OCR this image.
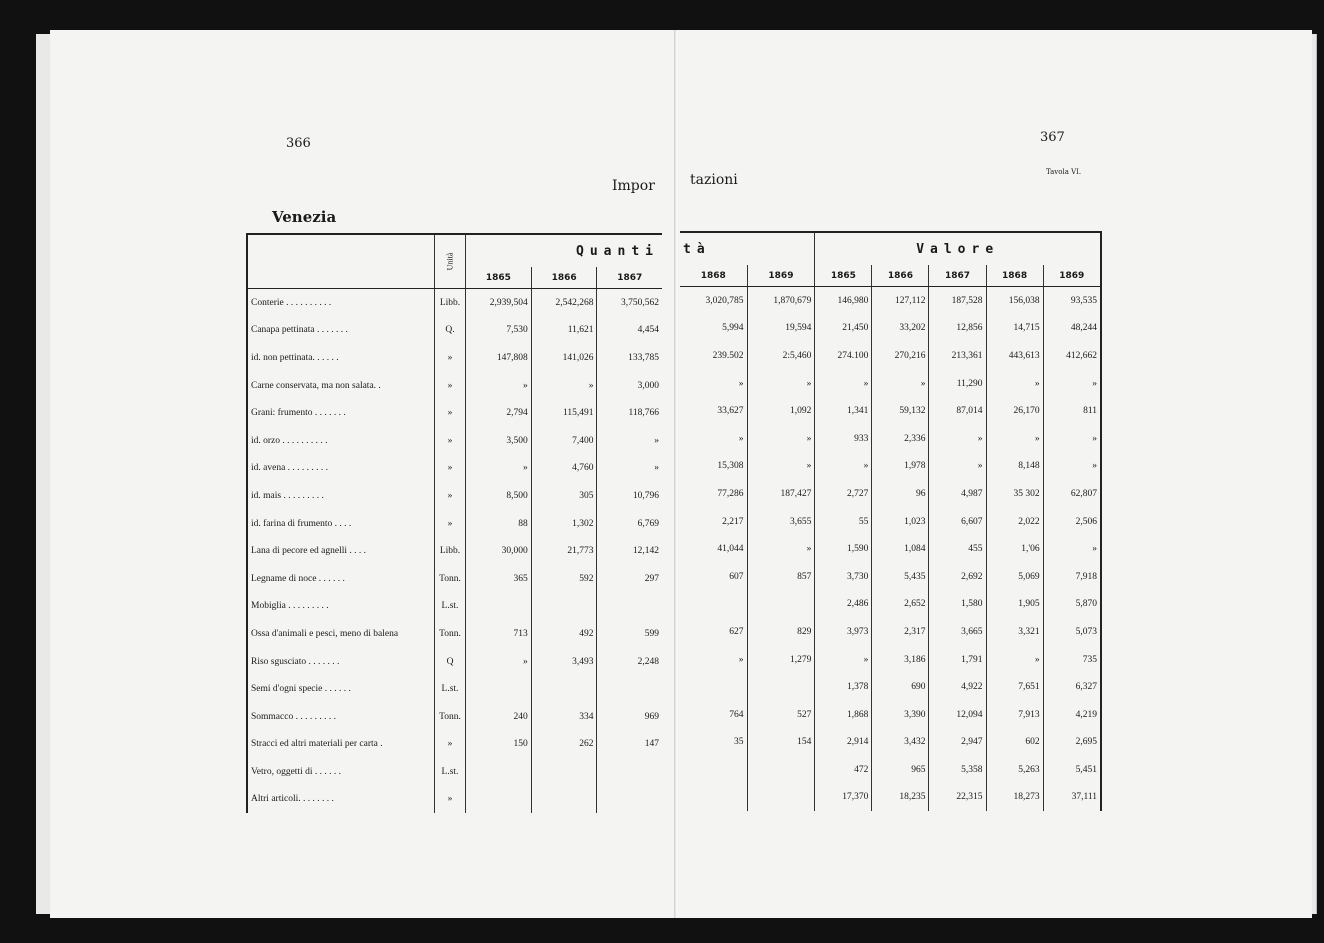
366
Impor
Venezia
	Unità	Quanti		
		1865	1866	1867
Conterie . . . . . . . . . .	Libb.	2,939,504	2,542,268	3,750,562
Canapa pettinata . . . . . . .	Q.	7,530	11,621	4,454
id. non pettinata. . . . . .	»	147,808	141,026	133,785
Carne conservata, ma non salata. .	»	»	»	3,000
Grani: frumento . . . . . . .	»	2,794	115,491	118,766
id. orzo . . . . . . . . . .	»	3,500	7,400	»
id. avena . . . . . . . . .	»	»	4,760	»
id. mais . . . . . . . . .	»	8,500	305	10,796
id. farina di frumento . . . .	»	88	1,302	6,769
Lana di pecore ed agnelli . . . .	Libb.	30,000	21,773	12,142
Legname di noce . . . . . .	Tonn.	365	592	297
Mobiglia . . . . . . . . .	L.st.			
Ossa d'animali e pesci, meno di balena	Tonn.	713	492	599
Riso sgusciato . . . . . . .	Q	»	3,493	2,248
Semi d'ogni specie . . . . . .	L.st.			
Sommacco . . . . . . . . .	Tonn.	240	334	969
Stracci ed altri materiali per carta .	»	150	262	147
Vetro, oggetti di . . . . . .	L.st.			
Altri articoli. . . . . . . .	»			
367
Tavola VI.
tazioni
tà		Valore				
1868	1869	1865	1866	1867	1868	1869
3,020,785	1,870,679	146,980	127,112	187,528	156,038	93,535
5,994	19,594	21,450	33,202	12,856	14,715	48,244
239.502	2:5,460	274.100	270,216	213,361	443,613	412,662
»	»	»	»	11,290	»	»
33,627	1,092	1,341	59,132	87,014	26,170	811
»	»	933	2,336	»	»	»
15,308	»	»	1,978	»	8,148	»
77,286	187,427	2,727	96	4,987	35 302	62,807
2,217	3,655	55	1,023	6,607	2,022	2,506
41,044	»	1,590	1,084	455	1,'06	»
607	857	3,730	5,435	2,692	5,069	7,918
		2,486	2,652	1,580	1,905	5,870
627	829	3,973	2,317	3,665	3,321	5,073
»	1,279	»	3,186	1,791	»	735
		1,378	690	4,922	7,651	6,327
764	527	1,868	3,390	12,094	7,913	4,219
35	154	2,914	3,432	2,947	602	2,695
		472	965	5,358	5,263	5,451
		17,370	18,235	22,315	18,273	37,111
